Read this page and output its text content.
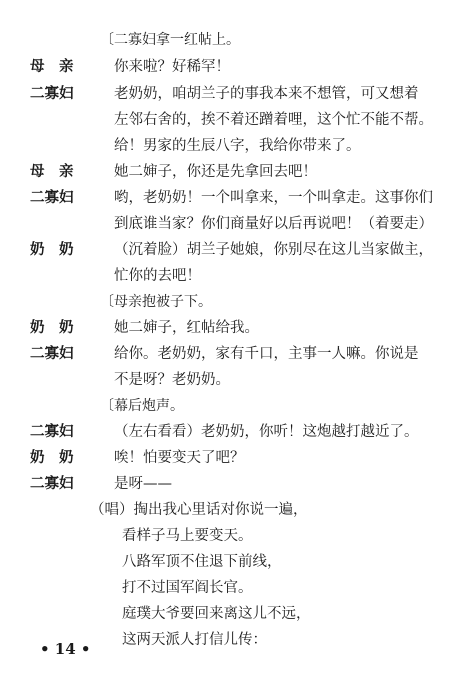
〔二寡妇拿一红帖上。
母　亲	你来啦？好稀罕！
二寡妇	老奶奶，咱胡兰子的事我本来不想管，可又想着
左邻右舍的，挨不着还蹭着哩，这个忙不能不帮。
给！男家的生辰八字，我给你带来了。
母　亲	她二婶子，你还是先拿回去吧！
二寡妇	哟，老奶奶！一个叫拿来，一个叫拿走。这事你们
到底谁当家？你们商量好以后再说吧！（着要走）
奶　奶	（沉着脸）胡兰子她娘，你别尽在这儿当家做主，
忙你的去吧！
〔母亲抱被子下。
奶　奶	她二婶子，红帖给我。
二寡妇	给你。老奶奶，家有千口，主事一人嘛。你说是
不是呀？老奶奶。
〔幕后炮声。
二寡妇	（左右看看）老奶奶，你听！这炮越打越近了。
奶　奶	唉！怕要变天了吧？
二寡妇	是呀——
（唱）掏出我心里话对你说一遍，
看样子马上要变天。
八路军顶不住退下前线，
打不过国军阎长官。
庭璞大爷要回来离这儿不远，
这两天派人打信儿传：
• 14 •
